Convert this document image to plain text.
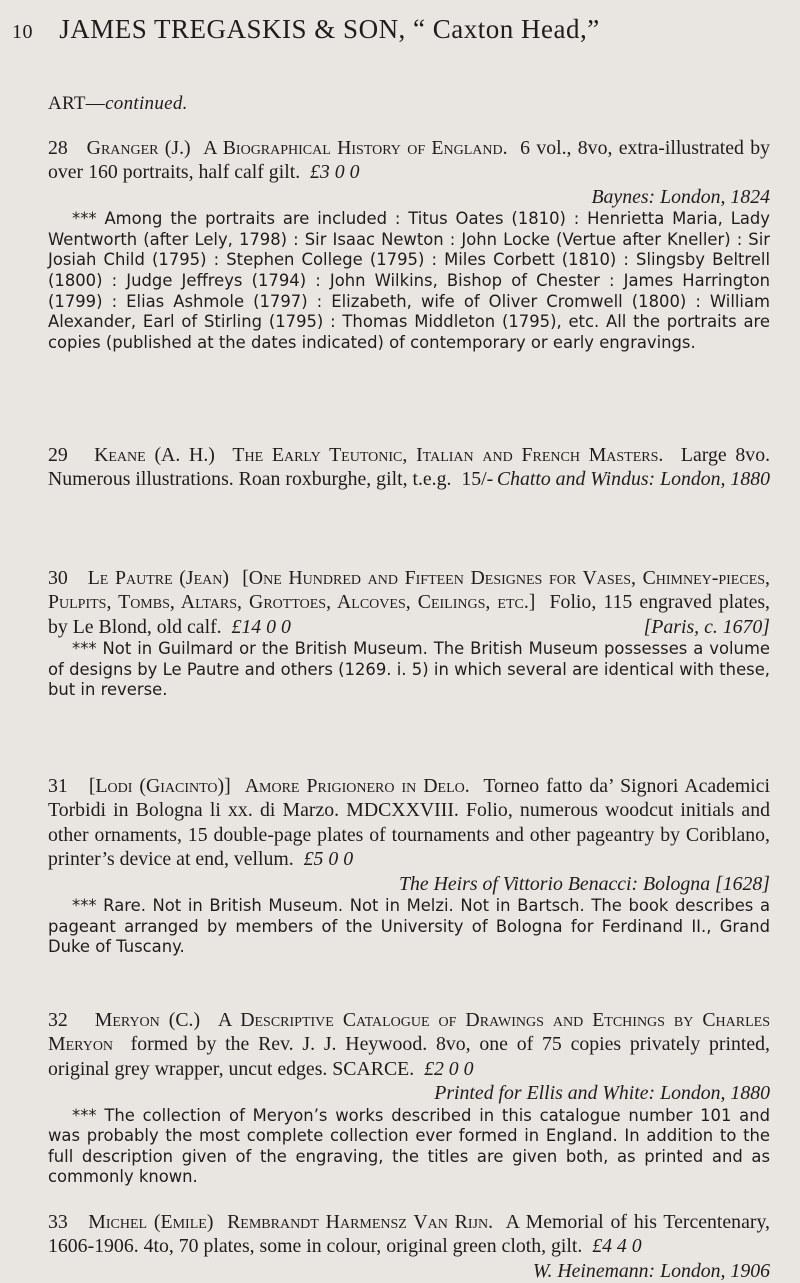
10 JAMES TREGASKIS & SON, “ Caxton Head,”
ART—continued.

28 Granger (J.) A Biographical History of England. 6 vol., 8vo, extra-illustrated by over 160 portraits, half calf gilt. £3 0 0
Baynes: London, 1824

*** Among the portraits are included : Titus Oates (1810) : Henrietta Maria, Lady Wentworth (after Lely, 1798) : Sir Isaac Newton : John Locke (Vertue after Kneller) : Sir Josiah Child (1795) : Stephen College (1795) : Miles Corbett (1810) : Slingsby Beltrell (1800) : Judge Jeffreys (1794) : John Wilkins, Bishop of Chester : James Harrington (1799) : Elias Ashmole (1797) : Elizabeth, wife of Oliver Cromwell (1800) : William Alexander, Earl of Stirling (1795) : Thomas Middleton (1795), etc. All the portraits are copies (published at the dates indicated) of contemporary or early engravings.

29 Keane (A. H.) The Early Teutonic, Italian and French Masters. Large 8vo. Numerous illustrations. Roan roxburghe, gilt, t.e.g. 15/- Chatto and Windus: London, 1880

30 Le Pautre (Jean) [One Hundred and Fifteen Designes for Vases, Chimney-pieces, Pulpits, Tombs, Altars, Grottoes, Alcoves, Ceilings, etc.] Folio, 115 engraved plates, by Le Blond, old calf. £14 0 0	[Paris, c. 1670]

*** Not in Guilmard or the British Museum. The British Museum possesses a volume of designs by Le Pautre and others (1269. i. 5) in which several are identical with these, but in reverse.

31 [Lodi (Giacinto)] Amore Prigionero in Delo. Torneo fatto da’ Signori Academici Torbidi in Bologna li xx. di Marzo. MDCXXVIII. Folio, numerous woodcut initials and other ornaments, 15 double-page plates of tournaments and other pageantry by Coriblano, printer’s device at end, vellum. £5 0 0
The Heirs of Vittorio Benacci: Bologna [1628]

*** Rare. Not in British Museum. Not in Melzi. Not in Bartsch. The book describes a pageant arranged by members of the University of Bologna for Ferdinand II., Grand Duke of Tuscany.

32 Meryon (C.) A Descriptive Catalogue of Drawings and Etchings by Charles Meryon formed by the Rev. J. J. Heywood. 8vo, one of 75 copies privately printed, original grey wrapper, uncut edges. SCARCE. £2 0 0
Printed for Ellis and White: London, 1880

*** The collection of Meryon’s works described in this catalogue number 101 and was probably the most complete collection ever formed in England. In addition to the full description given of the engraving, the titles are given both, as printed and as commonly known.

33 Michel (Emile) Rembrandt Harmensz Van Rijn. A Memorial of his Tercentenary, 1606-1906. 4to, 70 plates, some in colour, original green cloth, gilt. £4 4 0
W. Heinemann: London, 1906
